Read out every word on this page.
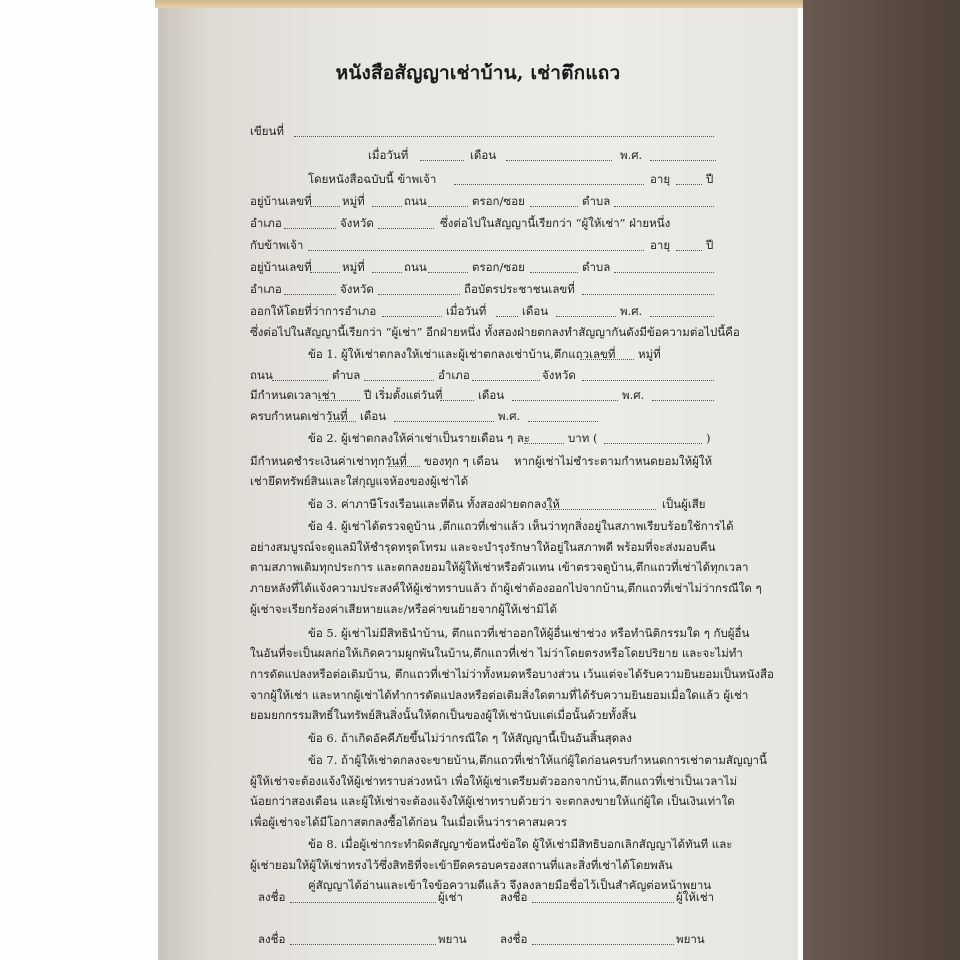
หนังสือสัญญาเช่าบ้าน, เช่าตึกแถว
เขียนที่
เมื่อวันที่	เดือน	พ.ศ.
โดยหนังสือฉบับนี้ ข้าพเจ้า	อายุ	ปี
อยู่บ้านเลขที่	หมู่ที่	ถนน	ตรอก/ซอย	ตำบล
อำเภอ	จังหวัด	ซึ่งต่อไปในสัญญานี้เรียกว่า “ผู้ให้เช่า” ฝ่ายหนึ่ง
กับข้าพเจ้า	อายุ	ปี
อยู่บ้านเลขที่	หมู่ที่	ถนน	ตรอก/ซอย	ตำบล
อำเภอ	จังหวัด	ถือบัตรประชาชนเลขที่
ออกให้โดยที่ว่าการอำเภอ	เมื่อวันที่	เดือน	พ.ศ.
ซึ่งต่อไปในสัญญานี้เรียกว่า “ผู้เช่า” อีกฝ่ายหนึ่ง ทั้งสองฝ่ายตกลงทำสัญญากันดังมีข้อความต่อไปนี้คือ
ข้อ 1. ผู้ให้เช่าตกลงให้เช่าและผู้เช่าตกลงเช่าบ้าน,ตึกแถวเลขที่ หมู่ที่
ถนน	ตำบล	อำเภอ	จังหวัด
มีกำหนดเวลาเช่า ปี เริ่มตั้งแต่วันที่	เดือน	พ.ศ.
ครบกำหนดเช่าวันที่ เดือน	พ.ศ.
ข้อ 2. ผู้เช่าตกลงให้ค่าเช่าเป็นรายเดือน ๆ ละ	บาท (	)
มีกำหนดชำระเงินค่าเช่าทุกวันที่ ของทุก ๆ เดือน หากผู้เช่าไม่ชำระตามกำหนดยอมให้ผู้ให้
เช่ายึดทรัพย์สินและใส่กุญแจห้องของผู้เช่าได้
ข้อ 3. ค่าภาษีโรงเรือนและที่ดิน ทั้งสองฝ่ายตกลงให้	เป็นผู้เสีย
ข้อ 4. ผู้เช่าได้ตรวจดูบ้าน ,ตึกแถวที่เช่าแล้ว เห็นว่าทุกสิ่งอยู่ในสภาพเรียบร้อยใช้การได้
อย่างสมบูรณ์จะดูแลมิให้ชำรุดทรุดโทรม และจะบำรุงรักษาให้อยู่ในสภาพดี พร้อมที่จะส่งมอบคืน
ตามสภาพเดิมทุกประการ และตกลงยอมให้ผู้ให้เช่าหรือตัวแทน เข้าตรวจดูบ้าน,ตึกแถวที่เช่าได้ทุกเวลา
ภายหลังที่ได้แจ้งความประสงค์ให้ผู้เช่าทราบแล้ว ถ้าผู้เช่าต้องออกไปจากบ้าน,ตึกแถวที่เช่าไม่ว่ากรณีใด ๆ
ผู้เช่าจะเรียกร้องค่าเสียหายและ/หรือค่าขนย้ายจากผู้ให้เช่ามิได้
ข้อ 5. ผู้เช่าไม่มีสิทธินำบ้าน, ตึกแถวที่เช่าออกให้ผู้อื่นเช่าช่วง หรือทำนิติกรรมใด ๆ กับผู้อื่น
ในอันที่จะเป็นผลก่อให้เกิดความผูกพันในบ้าน,ตึกแถวที่เช่า ไม่ว่าโดยตรงหรือโดยปริยาย และจะไม่ทำ
การดัดแปลงหรือต่อเติมบ้าน, ตึกแถวที่เช่าไม่ว่าทั้งหมดหรือบางส่วน เว้นแต่จะได้รับความยินยอมเป็นหนังสือ
จากผู้ให้เช่า และหากผู้เช่าได้ทำการดัดแปลงหรือต่อเติมสิ่งใดตามที่ได้รับความยินยอมเมื่อใดแล้ว ผู้เช่า
ยอมยกกรรมสิทธิ์ในทรัพย์สินสิ่งนั้นให้ตกเป็นของผู้ให้เช่านับแต่เมื่อนั้นด้วยทั้งสิ้น
ข้อ 6. ถ้าเกิดอัคคีภัยขึ้นไม่ว่ากรณีใด ๆ ให้สัญญานี้เป็นอันสิ้นสุดลง
ข้อ 7. ถ้าผู้ให้เช่าตกลงจะขายบ้าน,ตึกแถวที่เช่าให้แก่ผู้ใดก่อนครบกำหนดการเช่าตามสัญญานี้
ผู้ให้เช่าจะต้องแจ้งให้ผู้เช่าทราบล่วงหน้า เพื่อให้ผู้เช่าเตรียมตัวออกจากบ้าน,ตึกแถวที่เช่าเป็นเวลาไม่
น้อยกว่าสองเดือน และผู้ให้เช่าจะต้องแจ้งให้ผู้เช่าทราบด้วยว่า จะตกลงขายให้แก่ผู้ใด เป็นเงินเท่าใด
เพื่อผู้เช่าจะได้มีโอกาสตกลงซื้อได้ก่อน ในเมื่อเห็นว่าราคาสมควร
ข้อ 8. เมื่อผู้เช่ากระทำผิดสัญญาข้อหนึ่งข้อใด ผู้ให้เช่ามีสิทธิบอกเลิกสัญญาได้ทันที และ
ผู้เช่ายอมให้ผู้ให้เช่าทรงไว้ซึ่งสิทธิที่จะเข้ายึดครอบครองสถานที่และสิ่งที่เช่าได้โดยพลัน
คู่สัญญาได้อ่านและเข้าใจข้อความดีแล้ว จึงลงลายมือชื่อไว้เป็นสำคัญต่อหน้าพยาน
ลงชื่อ	ผู้เช่า	ลงชื่อ	ผู้ให้เช่า
ลงชื่อ	พยาน	ลงชื่อ	พยาน
